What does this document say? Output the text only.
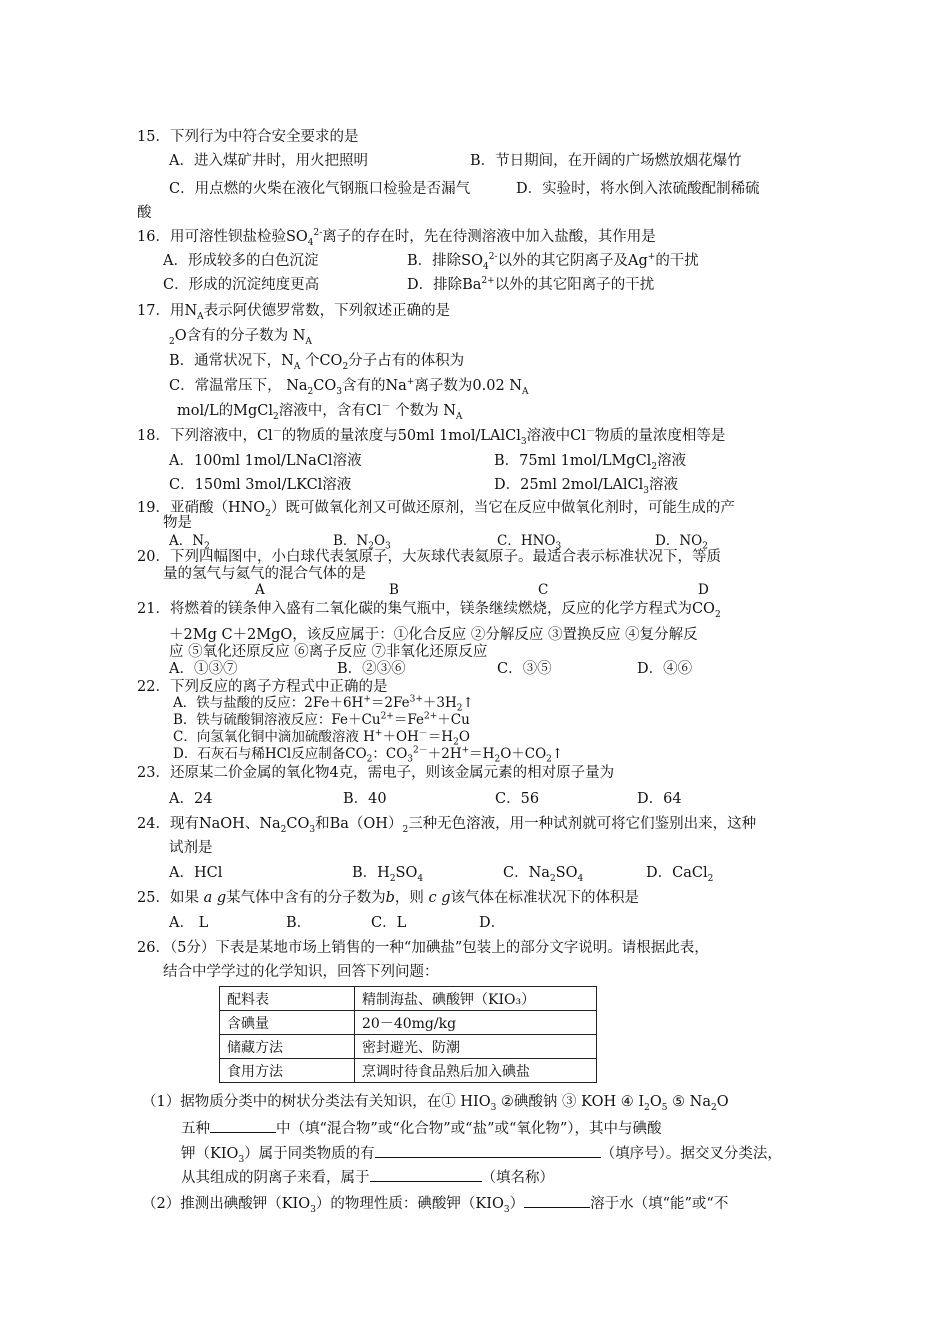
15．下列行为中符合安全要求的是
A．进入煤矿井时，用火把照明	B．节日期间，在开阔的广场燃放烟花爆竹
C．用点燃的火柴在液化气钢瓶口检验是否漏气	D．实验时，将水倒入浓硫酸配制稀硫
酸
16．用可溶性钡盐检验$SO_4^{2-}$离子的存在时，先在待测溶液中加入盐酸，其作用是
A．形成较多的白色沉淀	B．排除$SO_4^{2-}$以外的其它阴离子及Ag+的干扰
C．形成的沉淀纯度更高	D．排除$Ba^{2+}$以外的其它阳离子的干扰
17．用$N_A$表示阿伏德罗常数，下列叙述正确的是
$_2$O含有的分子数为 $N_A$
B．通常状况下，$N_A$ 个$CO_2$分子占有的体积为
C．常温常压下， $Na_2CO_3$含有的Na+离子数为0.02 $N_A$
mol/L的MgCl$_2$溶液中，含有Cl－ 个数为 $N_A$
18．下列溶液中，Cl－的物质的量浓度与50ml 1mol/LAlCl$_3$溶液中Cl－物质的量浓度相等是
A．100ml 1mol/LNaCl溶液	B．75ml 1mol/LMgCl$_2$溶液
C．150ml 3mol/LKCl溶液	D．25ml 2mol/LAlCl$_3$溶液
19．亚硝酸$(HNO_2)$既可做氧化剂又可做还原剂，当它在反应中做氧化剂时，可能生成的产
物是
A．$N_2$	B．$N_2O_3$	C．$HNO_3$	D．$NO_2$
20．下列四幅图中，小白球代表氢原子，大灰球代表氦原子。最适合表示标准状况下，等质
量的氢气与氦气的混合气体的是
A	B	C	D
21．将燃着的镁条伸入盛有二氧化碳的集气瓶中，镁条继续燃烧，反应的化学方程式为$CO_2$
＋2Mg C＋2MgO，该反应属于：①化合反应 ②分解反应 ③置换反应 ④复分解反
应 ⑤氧化还原反应 ⑥离子反应 ⑦非氧化还原反应
A．①③⑦	B．②③⑥	C．③⑤	D．④⑥
22．下列反应的离子方程式中正确的是
A．铁与盐酸的反应：$2Fe+6H^+=2Fe^{3+}+3H_2↑$
B．铁与硫酸铜溶液反应：$Fe+Cu^{2+}=Fe^{2+}+Cu$
C．向氢氧化铜中滴加硫酸溶液 $H^++OH^-=H_2O$
D．石灰石与稀HCl反应制备$CO_2$：$CO_3^{2-}+2H^+=H_2O+CO_2↑$
23．还原某二价金属的氧化物4克，需电子，则该金属元素的相对原子量为
A．24	B．40	C．56	D．64
24．现有NaOH、$Na_2CO_3$和$Ba(OH)_2$三种无色溶液，用一种试剂就可将它们鉴别出来，这种
试剂是
A．HCl	B．$H_2SO_4$	C．$Na_2SO_4$	D．CaCl$_2$
25．如果 a g某气体中含有的分子数为b，则 c g该气体在标准状况下的体积是
A． L	B．	C．L	D．
26．（5分）下表是某地市场上销售的一种“加碘盐”包装上的部分文字说明。请根据此表，
结合中学学过的化学知识，回答下列问题：
配料表	精制海盐、碘酸钾（KIO₃）
含碘量	20－40mg/kg
储藏方法	密封避光、防潮
食用方法	烹调时待食品熟后加入碘盐
（1）据物质分类中的树状分类法有关知识，在① $HIO_3$ ②碘酸钠 ③ KOH ④ $I_2O_5$ ⑤ $Na_2O$
五种	中（填“混合物”或“化合物”或“盐”或“氧化物”），其中与碘酸
钾$(KIO_3)$属于同类物质的有	（填序号）。据交叉分类法，
从其组成的阴离子来看，属于	（填名称）
（2）推测出碘酸钾$(KIO_3)$的物理性质：碘酸钾$(KIO_3)$	溶于水（填“能”或“不
